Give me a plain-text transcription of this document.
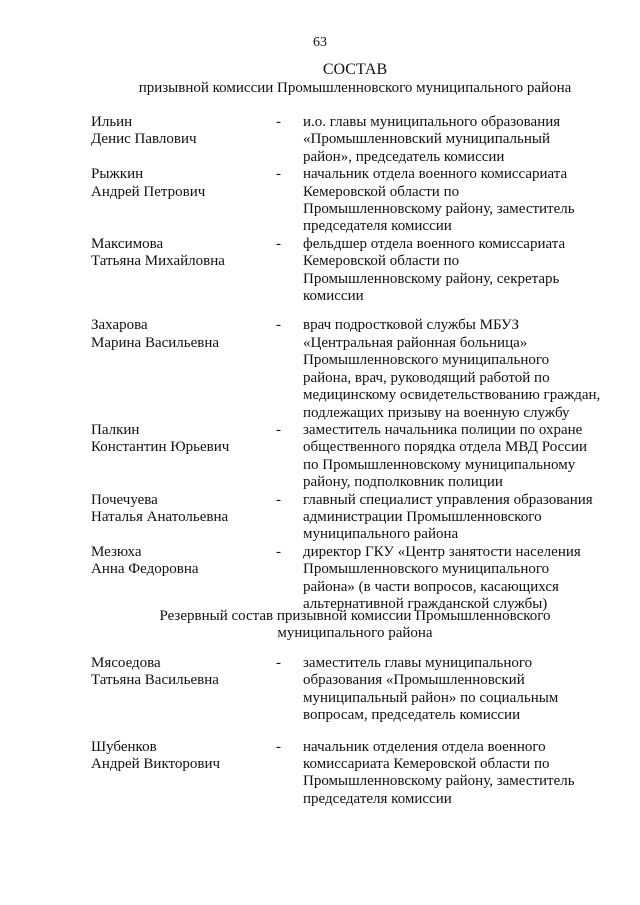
63
СОСТАВ
призывной комиссии Промышленновского муниципального района
Ильин
Денис Павлович
-	и.о. главы муниципального образования
«Промышленновский муниципальный
район», председатель комиссии
Рыжкин
Андрей Петрович
-	начальник отдела военного комиссариата
Кемеровской области по
Промышленновскому району, заместитель
председателя комиссии
Максимова
Татьяна Михайловна
-	фельдшер отдела военного комиссариата
Кемеровской области по
Промышленновскому району, секретарь
комиссии
Захарова
Марина Васильевна
-	врач подростковой службы МБУЗ
«Центральная районная больница»
Промышленновского муниципального
района, врач, руководящий работой по
медицинскому освидетельствованию граждан,
подлежащих призыву на военную службу
Палкин
Константин Юрьевич
-	заместитель начальника полиции по охране
общественного порядка отдела МВД России
по Промышленновскому муниципальному
району, подполковник полиции
Почечуева
Наталья Анатольевна
-	главный специалист управления образования
администрации Промышленновского
муниципального района
Мезюха
Анна Федоровна
-	директор ГКУ «Центр занятости населения
Промышленновского муниципального
района» (в части вопросов, касающихся
альтернативной гражданской службы)
Резервный состав призывной комиссии Промышленновского
муниципального района
Мясоедова
Татьяна Васильевна
-	заместитель главы муниципального
образования «Промышленновский
муниципальный район» по социальным
вопросам, председатель комиссии
Шубенков
Андрей Викторович
-	начальник отделения отдела военного
комиссариата Кемеровской области по
Промышленновскому району, заместитель
председателя комиссии
